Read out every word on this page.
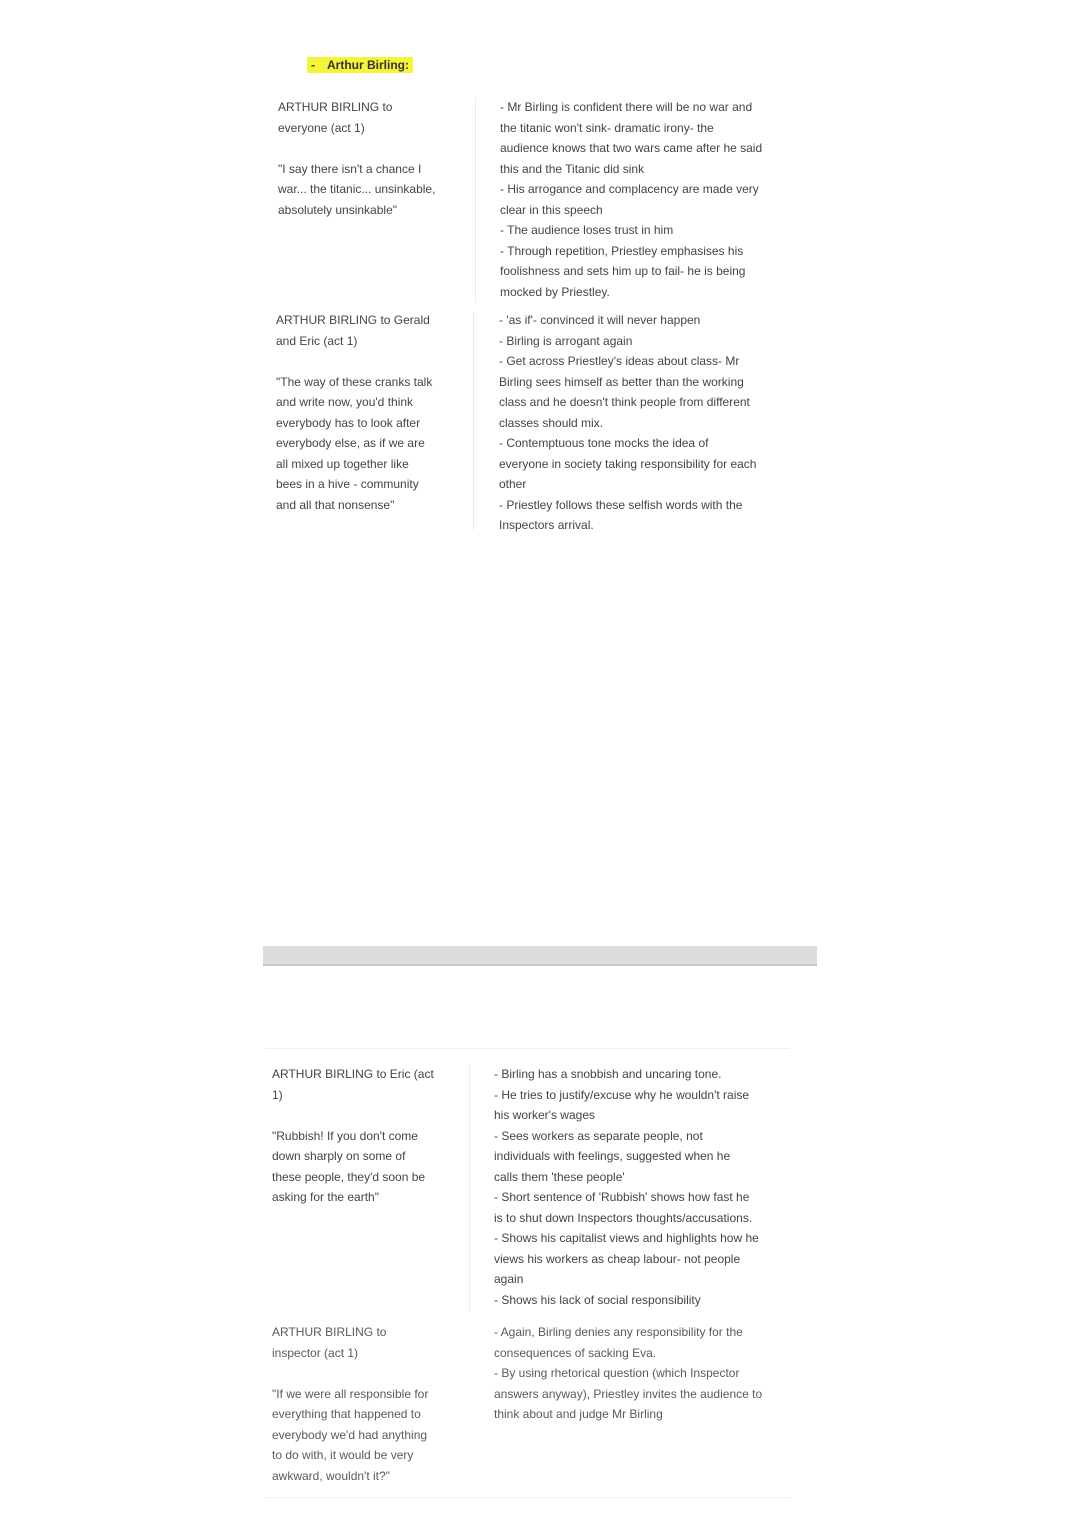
- Arthur Birling:
ARTHUR BIRLING to
everyone (act 1)
"I say there isn't a chance I
war... the titanic... unsinkable,
absolutely unsinkable"
- Mr Birling is confident there will be no war and
the titanic won't sink- dramatic irony- the
audience knows that two wars came after he said
this and the Titanic did sink
- His arrogance and complacency are made very
clear in this speech
- The audience loses trust in him
- Through repetition, Priestley emphasises his
foolishness and sets him up to fail- he is being
mocked by Priestley.
ARTHUR BIRLING to Gerald
and Eric (act 1)
"The way of these cranks talk
and write now, you'd think
everybody has to look after
everybody else, as if we are
all mixed up together like
bees in a hive - community
and all that nonsense"
- 'as if'- convinced it will never happen
- Birling is arrogant again
- Get across Priestley's ideas about class- Mr
Birling sees himself as better than the working
class and he doesn't think people from different
classes should mix.
- Contemptuous tone mocks the idea of
everyone in society taking responsibility for each
other
- Priestley follows these selfish words with the
Inspectors arrival.
ARTHUR BIRLING to Eric (act
1)
"Rubbish! If you don't come
down sharply on some of
these people, they'd soon be
asking for the earth"
- Birling has a snobbish and uncaring tone.
- He tries to justify/excuse why he wouldn't raise
his worker's wages
- Sees workers as separate people, not
individuals with feelings, suggested when he
calls them 'these people'
- Short sentence of 'Rubbish' shows how fast he
is to shut down Inspectors thoughts/accusations.
- Shows his capitalist views and highlights how he
views his workers as cheap labour- not people
again
- Shows his lack of social responsibility
ARTHUR BIRLING to
inspector (act 1)
"If we were all responsible for
everything that happened to
everybody we'd had anything
to do with, it would be very
awkward, wouldn't it?"
- Again, Birling denies any responsibility for the
consequences of sacking Eva.
- By using rhetorical question (which Inspector
answers anyway), Priestley invites the audience to
think about and judge Mr Birling
